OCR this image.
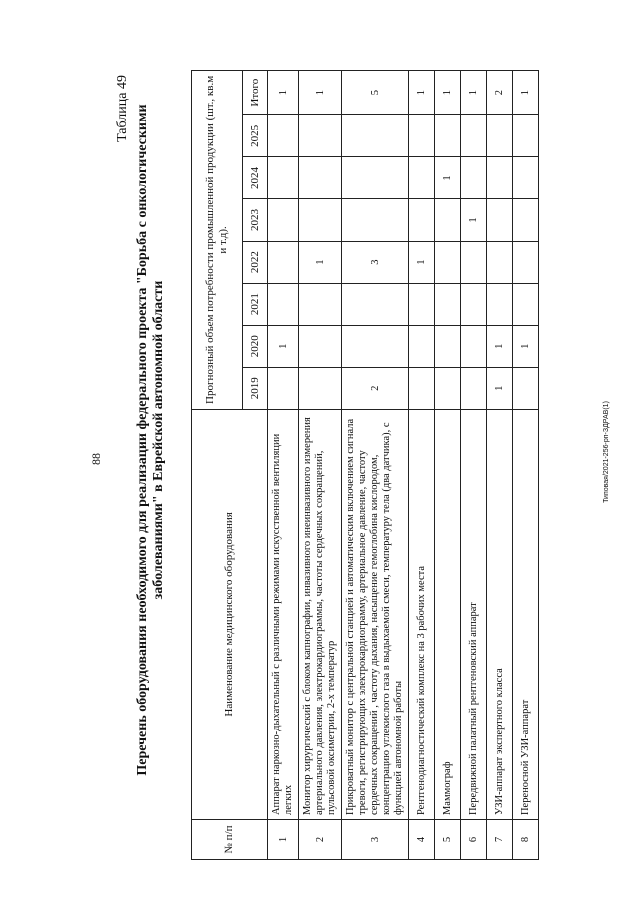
88	Типовая/2021-256-рп-ЗДРАВ(1)
Таблица 49 Перечень оборудования необходимого для реализации федерального проекта "Борьба с онкологическими заболеваниями" в Еврейской автономной области
№ п/п	Наименование медицинского оборудования	Прогнозный объем потребности промышленной продукции (шт., кв.м и т.д).							
		2019	2020	2021	2022	2023	2024	2025	Итого
1	Аппарат наркозно-дыхательный с различными режимами искусственной вентиляции легких		1						1
2	Монитор хирургический с блоком капнографии, инвазивного инеинвазивного измерения артериального давления, электрокардиограммы, частоты сердечных сокращений, пульсовой оксиметрии, 2-х температур				1				1
3	Прикроватный монитор с центральной станцией и автоматическим включением сигнала тревоги, регистрирующих электрокардиограмму, артериальное давление, частоту сердечных сокращений , частоту дыхания, насыщение гемоглобина кислородом, концентрацию углекислого газа в выдыхаемой смеси, температуру тела (два датчика), с функцией автономной работы	2			3				5
4	Рентгенодиагностический комплекс на 3 рабочих места				1				1
5	Маммограф						1		1
6	Передвижной палатный рентгеновский аппарат					1			1
7	УЗИ-аппарат экспертного класса	1	1						2
8	Переносной УЗИ-аппарат		1						1
